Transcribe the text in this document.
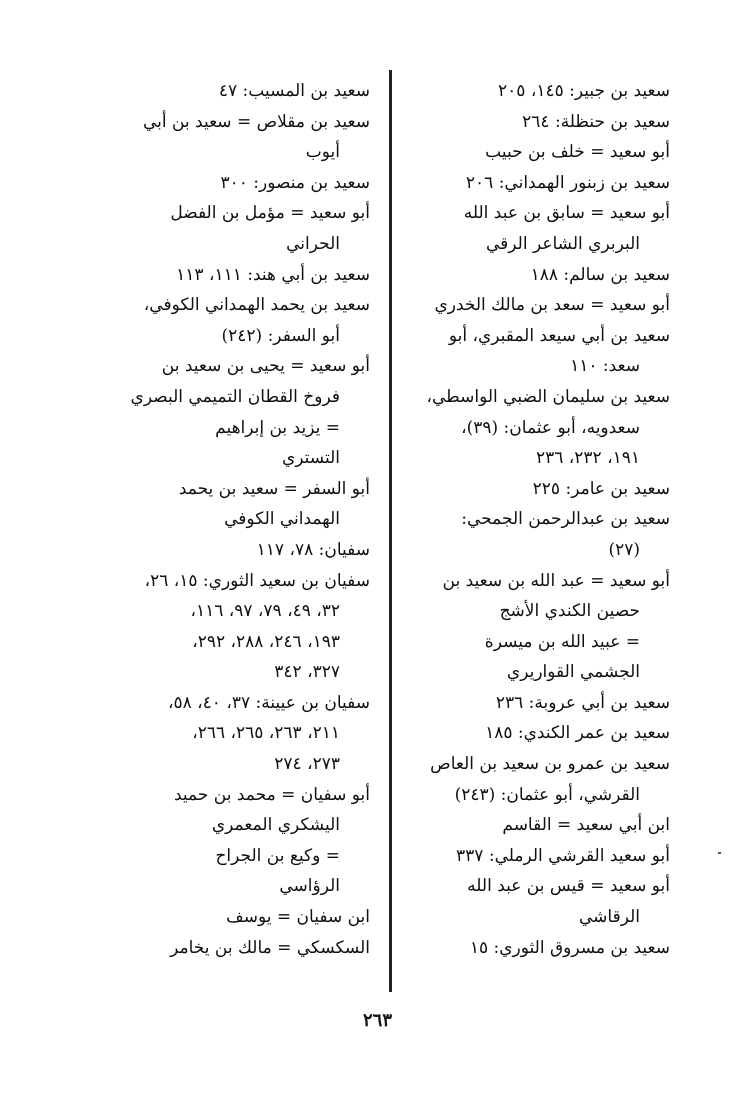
سعيد بن جبير: ١٤٥، ٢٠٥
سعيد بن حنظلة: ٢٦٤
أبو سعيد = خلف بن حبيب
سعيد بن زبنور الهمداني: ٢٠٦
أبو سعيد = سابق بن عبد الله
البربري الشاعر الرقي
سعيد بن سالم: ١٨٨
أبو سعيد = سعد بن مالك الخدري
سعيد بن أبي سيعد المقبري، أبو
سعد: ١١٠
سعيد بن سليمان الضبي الواسطي،
سعدويه، أبو عثمان: (٣٩)،
١٩١، ٢٣٢، ٢٣٦
سعيد بن عامر: ٢٢٥
سعيد بن عبدالرحمن الجمحي:
(٢٧)
أبو سعيد = عبد الله بن سعيد بن
حصين الكندي الأشج
= عبيد الله بن ميسرة
الجشمي القواريري
سعيد بن أبي عروبة: ٢٣٦
سعيد بن عمر الكندي: ١٨٥
سعيد بن عمرو بن سعيد بن العاص
القرشي، أبو عثمان: (٢٤٣)
ابن أبي سعيد = القاسم
أبو سعيد القرشي الرملي: ٣٣٧
أبو سعيد = قيس بن عبد الله
الرقاشي
سعيد بن مسروق الثوري: ١٥
سعيد بن المسيب: ٤٧
سعيد بن مقلاص = سعيد بن أبي
أيوب
سعيد بن منصور: ٣٠٠
أبو سعيد = مؤمل بن الفضل
الحراني
سعيد بن أبي هند: ١١١، ١١٣
سعيد بن يحمد الهمداني الكوفي،
أبو السفر: (٢٤٢)
أبو سعيد = يحيى بن سعيد بن
فروخ القطان التميمي البصري
= يزيد بن إبراهيم
التستري
أبو السفر = سعيد بن يحمد
الهمداني الكوفي
سفيان: ٧٨، ١١٧
سفيان بن سعيد الثوري: ١٥، ٢٦،
٣٢، ٤٩، ٧٩، ٩٧، ١١٦،
١٩٣، ٢٤٦، ٢٨٨، ٢٩٢،
٣٢٧، ٣٤٢
سفيان بن عيينة: ٣٧، ٤٠، ٥٨،
٢١١، ٢٦٣، ٢٦٥، ٢٦٦،
٢٧٣، ٢٧٤
أبو سفيان = محمد بن حميد
اليشكري المعمري
= وكيع بن الجراح
الرؤاسي
ابن سفيان = يوسف
السكسكي = مالك بن يخامر
٢٦٣
